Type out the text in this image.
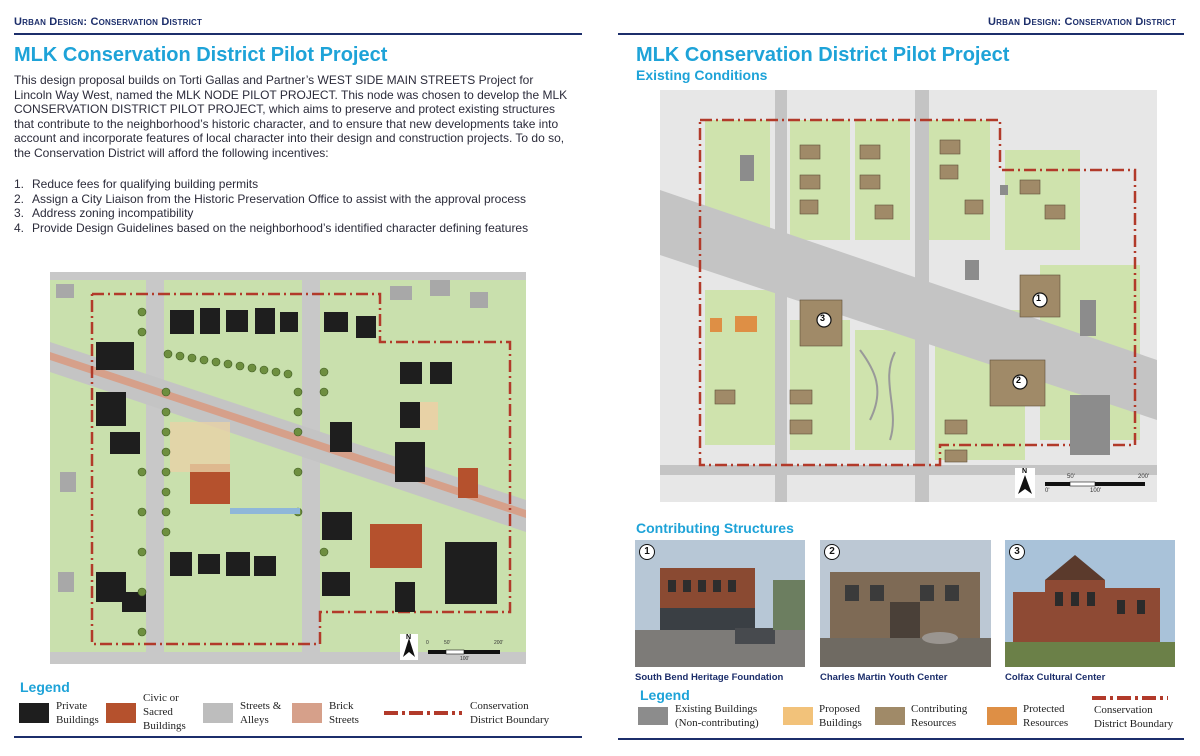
Urban Design: Conservation District
MLK Conservation District Pilot Project
This design proposal builds on Torti Gallas and Partner’s WEST SIDE MAIN STREETS Project for Lincoln Way West, named the MLK NODE PILOT PROJECT. This node was chosen to develop the MLK CONSERVATION DISTRICT PILOT PROJECT, which aims to preserve and protect existing structures that contribute to the neighborhood’s historic character, and to ensure that new developments take into account and incorporate features of local character into their design and construction projects. To do so, the Conservation District will afford the following incentives:
1. Reduce fees for qualifying building permits
2. Assign a City Liaison from the Historic Preservation Office to assist with the approval process
3. Address zoning incompatibility
4. Provide Design Guidelines based on the neighborhood’s identified character defining features
N
0	50'
100'
200'
Legend
Private
Buildings
Civic or
Sacred
Buildings
Streets &
Alleys
Brick
Streets
Conservation
District Boundary
Urban Design: Conservation District
MLK Conservation District Pilot Project
Existing Conditions
1
2
3
N
0'
50'
100'
200'
Contributing Structures
1
South Bend Heritage Foundation
2
Charles Martin Youth Center
3
Colfax Cultural Center
Legend
Existing Buildings
(Non-contributing)
Proposed
Buildings
Contributing
Resources
Protected
Resources
Conservation
District Boundary
